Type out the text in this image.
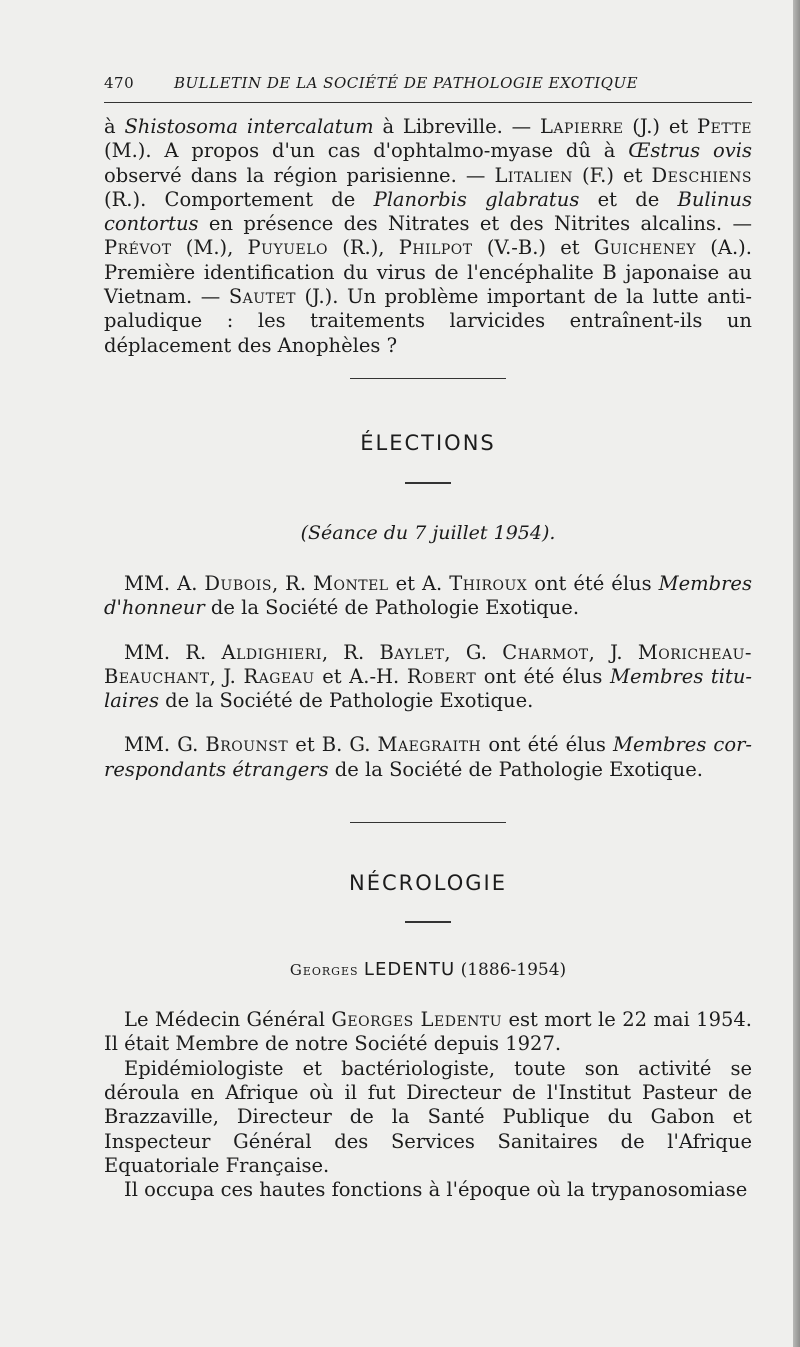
470	BULLETIN DE LA SOCIÉTÉ DE PATHOLOGIE EXOTIQUE

à Shistosoma intercalatum à Libreville. — Lapierre (J.) et Pette (M.). A propos d'un cas d'ophtalmo-myase dû à Œstrus ovis observé dans la région parisienne. — Litalien (F.) et Deschiens (R.). Comportement de Planorbis glabratus et de Bulinus contortus en présence des Nitrates et des Nitrites alcalins. — Prévot (M.), Puyuelo (R.), Philpot (V.-B.) et Guicheney (A.). Première identification du virus de l'encéphalite B japonaise au Vietnam. — Sautet (J.). Un problème important de la lutte antipaludique : les traitements larvicides entraînent-ils un déplacement des Anophèles ?

ÉLECTIONS
(Séance du 7 juillet 1954).

MM. A. Dubois, R. Montel et A. Thiroux ont été élus Membres d'honneur de la Société de Pathologie Exotique.

MM. R. Aldighieri, R. Baylet, G. Charmot, J. Moricheau-Beauchant, J. Rageau et A.-H. Robert ont été élus Membres titulaires de la Société de Pathologie Exotique.

MM. G. Brounst et B. G. Maegraith ont été élus Membres correspondants étrangers de la Société de Pathologie Exotique.

NÉCROLOGIE
Georges LEDENTU (1886-1954)

Le Médecin Général Georges Ledentu est mort le 22 mai 1954. Il était Membre de notre Société depuis 1927.

Epidémiologiste et bactériologiste, toute son activité se déroula en Afrique où il fut Directeur de l'Institut Pasteur de Brazzaville, Directeur de la Santé Publique du Gabon et Inspecteur Général des Services Sanitaires de l'Afrique Equatoriale Française.

Il occupa ces hautes fonctions à l'époque où la trypanosomiase
